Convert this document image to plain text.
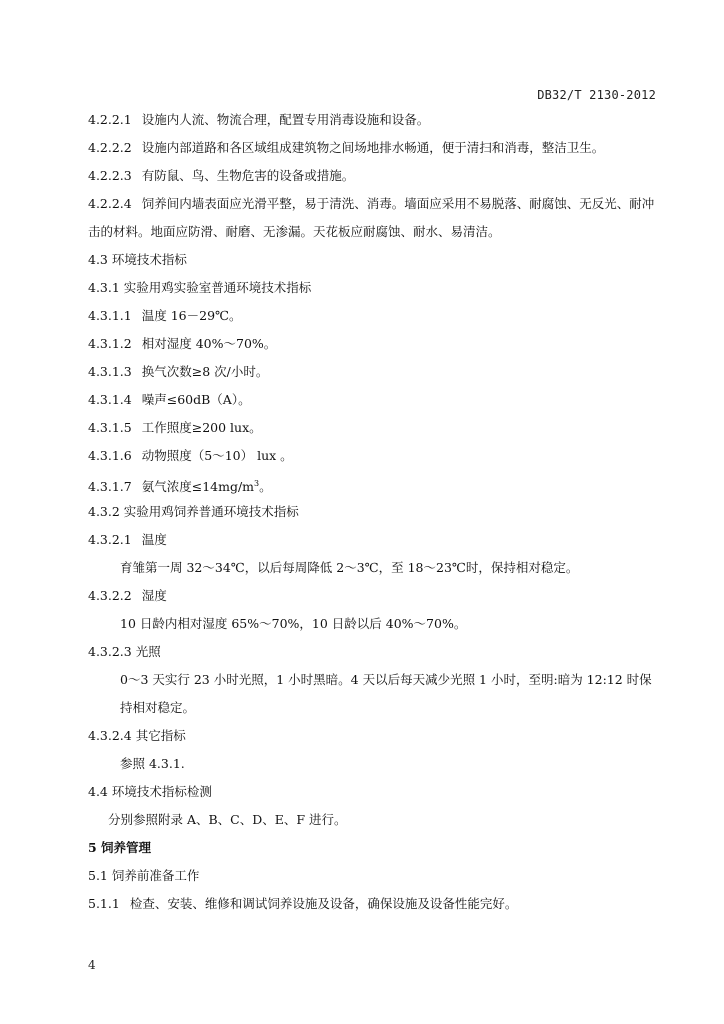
DB32/T 2130-2012
4.2.2.1 设施内人流、物流合理，配置专用消毒设施和设备。
4.2.2.2 设施内部道路和各区域组成建筑物之间场地排水畅通，便于清扫和消毒，整洁卫生。
4.2.2.3 有防鼠、鸟、生物危害的设备或措施。
4.2.2.4 饲养间内墙表面应光滑平整，易于清洗、消毒。墙面应采用不易脱落、耐腐蚀、无反光、耐冲击的材料。地面应防滑、耐磨、无渗漏。天花板应耐腐蚀、耐水、易清洁。
4.3 环境技术指标
4.3.1 实验用鸡实验室普通环境技术指标
4.3.1.1 温度 16－29℃。
4.3.1.2 相对湿度 40%～70%。
4.3.1.3 换气次数≥8 次/小时。
4.3.1.4 噪声≤60dB（A）。
4.3.1.5 工作照度≥200 lux。
4.3.1.6 动物照度（5～10） lux 。
4.3.1.7 氨气浓度$\le 14mg/m^3$。
4.3.2 实验用鸡饲养普通环境技术指标
4.3.2.1 温度
育雏第一周 32～34℃，以后每周降低 2～3℃，至 18～23℃时，保持相对稳定。
4.3.2.2 湿度
10 日龄内相对湿度 65%～70%，10 日龄以后 40%～70%。
4.3.2.3 光照
0～3 天实行 23 小时光照，1 小时黑暗。4 天以后每天减少光照 1 小时，至明:暗为 12:12 时保持相对稳定。
4.3.2.4 其它指标
参照 4.3.1.
4.4 环境技术指标检测
分别参照附录 A、B、C、D、E、F 进行。
5 饲养管理
5.1 饲养前准备工作
5.1.1 检查、安装、维修和调试饲养设施及设备，确保设施及设备性能完好。
4
